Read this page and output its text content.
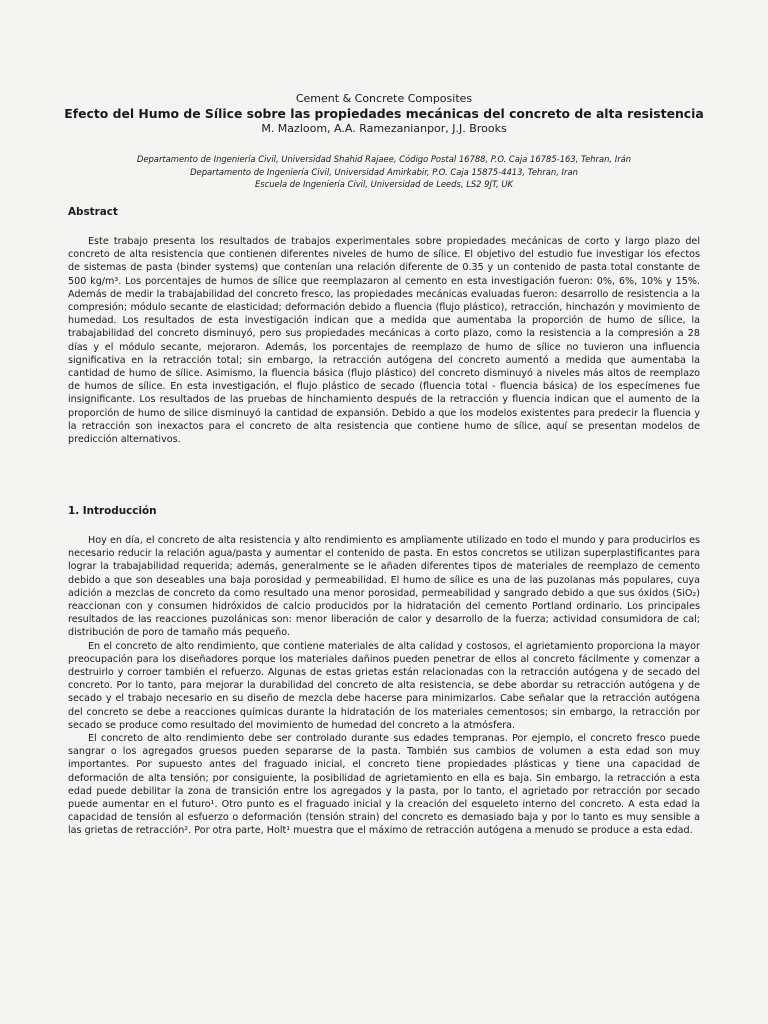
Cement & Concrete Composites
Efecto del Humo de Sílice sobre las propiedades mecánicas del concreto de alta resistencia
M. Mazloom, A.A. Ramezanianpor, J.J. Brooks
Departamento de Ingeniería Civil, Universidad Shahid Rajaee, Código Postal 16788, P.O. Caja 16785-163, Tehran, Irán
Departamento de Ingeniería Civil, Universidad Amirkabir, P.O. Caja 15875-4413, Tehran, Iran
Escuela de Ingeniería Civil, Universidad de Leeds, LS2 9JT, UK
Abstract

Este trabajo presenta los resultados de trabajos experimentales sobre propiedades mecánicas de corto y largo plazo del concreto de alta resistencia que contienen diferentes niveles de humo de sílice. El objetivo del estudio fue investigar los efectos de sistemas de pasta (binder systems) que contenían una relación diferente de 0.35 y un contenido de pasta total constante de 500 kg/m³. Los porcentajes de humos de sílice que reemplazaron al cemento en esta investigación fueron: 0%, 6%, 10% y 15%. Además de medir la trabajabilidad del concreto fresco, las propiedades mecánicas evaluadas fueron: desarrollo de resistencia a la compresión; módulo secante de elasticidad; deformación debido a fluencia (flujo plástico), retracción, hinchazón y movimiento de humedad. Los resultados de esta investigación indican que a medida que aumentaba la proporción de humo de sílice, la trabajabilidad del concreto disminuyó, pero sus propiedades mecánicas a corto plazo, como la resistencia a la compresión a 28 días y el módulo secante, mejoraron. Además, los porcentajes de reemplazo de humo de sílice no tuvieron una influencia significativa en la retracción total; sin embargo, la retracción autógena del concreto aumentó a medida que aumentaba la cantidad de humo de sílice. Asimismo, la fluencia básica (flujo plástico) del concreto disminuyó a niveles más altos de reemplazo de humos de sílice. En esta investigación, el flujo plástico de secado (fluencia total - fluencia básica) de los especímenes fue insignificante. Los resultados de las pruebas de hinchamiento después de la retracción y fluencia indican que el aumento de la proporción de humo de silice disminuyó la cantidad de expansión. Debido a que los modelos existentes para predecir la fluencia y la retracción son inexactos para el concreto de alta resistencia que contiene humo de sílice, aquí se presentan modelos de predicción alternativos.

1. Introducción

Hoy en día, el concreto de alta resistencia y alto rendimiento es ampliamente utilizado en todo el mundo y para producirlos es necesario reducir la relación agua/pasta y aumentar el contenido de pasta. En estos concretos se utilizan superplastificantes para lograr la trabajabilidad requerida; además, generalmente se le añaden diferentes tipos de materiales de reemplazo de cemento debido a que son deseables una baja porosidad y permeabilidad. El humo de sílice es una de las puzolanas más populares, cuya adición a mezclas de concreto da como resultado una menor porosidad, permeabilidad y sangrado debido a que sus óxidos (SiO₂) reaccionan con y consumen hidróxidos de calcio producidos por la hidratación del cemento Portland ordinario. Los principales resultados de las reacciones puzolánicas son: menor liberación de calor y desarrollo de la fuerza; actividad consumidora de cal; distribución de poro de tamaño más pequeño.

En el concreto de alto rendimiento, que contiene materiales de alta calidad y costosos, el agrietamiento proporciona la mayor preocupación para los diseñadores porque los materiales dañinos pueden penetrar de ellos al concreto fácilmente y comenzar a destruirlo y corroer también el refuerzo. Algunas de estas grietas están relacionadas con la retracción autógena y de secado del concreto. Por lo tanto, para mejorar la durabilidad del concreto de alta resistencia, se debe abordar su retracción autógena y de secado y el trabajo necesario en su diseño de mezcla debe hacerse para minimizarlos. Cabe señalar que la retracción autógena del concreto se debe a reacciones químicas durante la hidratación de los materiales cementosos; sin embargo, la retracción por secado se produce como resultado del movimiento de humedad del concreto a la atmósfera.

El concreto de alto rendimiento debe ser controlado durante sus edades tempranas. Por ejemplo, el concreto fresco puede sangrar o los agregados gruesos pueden separarse de la pasta. También sus cambios de volumen a esta edad son muy importantes. Por supuesto antes del fraguado inicial, el concreto tiene propiedades plásticas y tiene una capacidad de deformación de alta tensión; por consiguiente, la posibilidad de agrietamiento en ella es baja. Sin embargo, la retracción a esta edad puede debilitar la zona de transición entre los agregados y la pasta, por lo tanto, el agrietado por retracción por secado puede aumentar en el futuro¹. Otro punto es el fraguado inicial y la creación del esqueleto interno del concreto. A esta edad la capacidad de tensión al esfuerzo o deformación (tensión strain) del concreto es demasiado baja y por lo tanto es muy sensible a las grietas de retracción². Por otra parte, Holt¹ muestra que el máximo de retracción autógena a menudo se produce a esta edad.
